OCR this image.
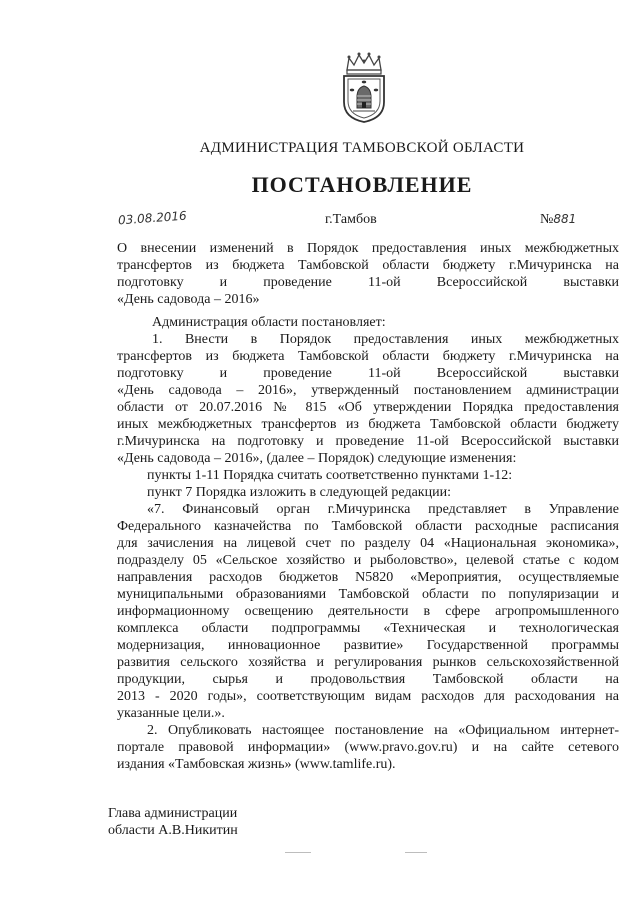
АДМИНИСТРАЦИЯ ТАМБОВСКОЙ ОБЛАСТИ
ПОСТАНОВЛЕНИЕ
03.08.2016	г.Тамбов	№881
О внесении изменений в Порядок предоставления иных межбюджетных
трансфертов из бюджета Тамбовской области бюджету г.Мичуринска на
подготовку и проведение 11-ой Всероссийской выставки
«День садовода – 2016»
Администрация области постановляет:
1. Внести в Порядок предоставления иных межбюджетных
трансфертов из бюджета Тамбовской области бюджету г.Мичуринска на
подготовку и проведение 11-ой Всероссийской выставки
«День садовода – 2016», утвержденный постановлением администрации
области от 20.07.2016 № 815 «Об утверждении Порядка предоставления
иных межбюджетных трансфертов из бюджета Тамбовской области бюджету
г.Мичуринска на подготовку и проведение 11-ой Всероссийской выставки
«День садовода – 2016», (далее – Порядок) следующие изменения:
пункты 1-11 Порядка считать соответственно пунктами 1-12:
пункт 7 Порядка изложить в следующей редакции:
«7. Финансовый орган г.Мичуринска представляет в Управление
Федерального казначейства по Тамбовской области расходные расписания
для зачисления на лицевой счет по разделу 04 «Национальная экономика»,
подразделу 05 «Сельское хозяйство и рыболовство», целевой статье с кодом
направления расходов бюджетов N5820 «Мероприятия, осуществляемые
муниципальными образованиями Тамбовской области по популяризации и
информационному освещению деятельности в сфере агропромышленного
комплекса области подпрограммы «Техническая и технологическая
модернизация, инновационное развитие» Государственной программы
развития сельского хозяйства и регулирования рынков сельскохозяйственной
продукции, сырья и продовольствия Тамбовской области на
2013 - 2020 годы», соответствующим видам расходов для расходования на
указанные цели.».
2. Опубликовать настоящее постановление на «Официальном интернет-
портале правовой информации» (www.pravo.gov.ru) и на сайте сетевого
издания «Тамбовская жизнь» (www.tamlife.ru).
Глава администрации
области А.В.Никитин
